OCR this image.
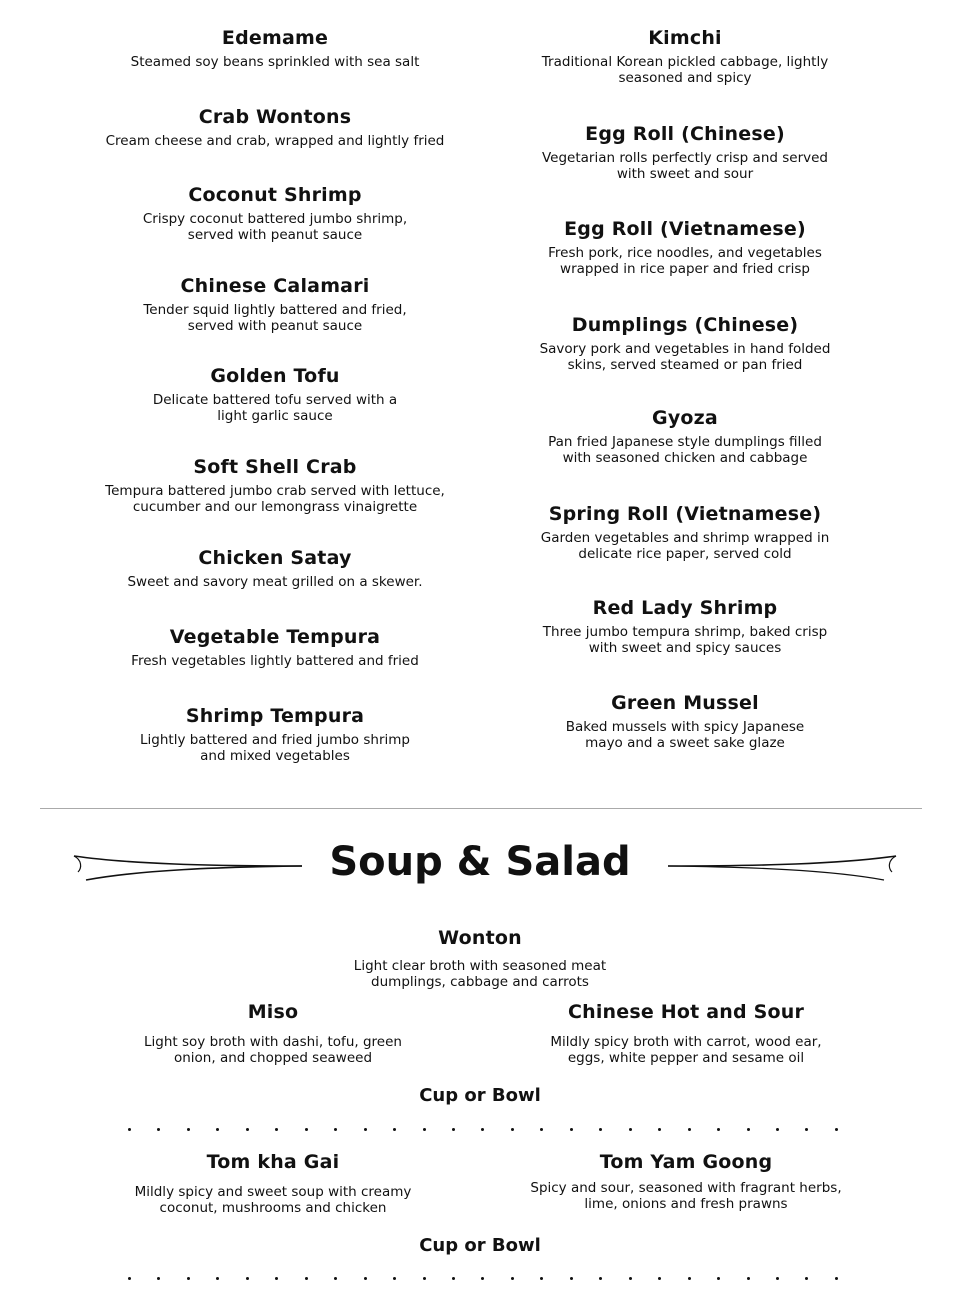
Edemame
Steamed soy beans sprinkled with sea salt
Crab Wontons
Cream cheese and crab, wrapped and lightly fried
Coconut Shrimp
Crispy coconut battered jumbo shrimp,
served with peanut sauce
Chinese Calamari
Tender squid lightly battered and fried,
served with peanut sauce
Golden Tofu
Delicate battered tofu served with a
light garlic sauce
Soft Shell Crab
Tempura battered jumbo crab served with lettuce,
cucumber and our lemongrass vinaigrette
Chicken Satay
Sweet and savory meat grilled on a skewer.
Vegetable Tempura
Fresh vegetables lightly battered and fried
Shrimp Tempura
Lightly battered and fried jumbo shrimp
and mixed vegetables
Kimchi
Traditional Korean pickled cabbage, lightly
seasoned and spicy
Egg Roll (Chinese)
Vegetarian rolls perfectly crisp and served
with sweet and sour
Egg Roll (Vietnamese)
Fresh pork, rice noodles, and vegetables
wrapped in rice paper and fried crisp
Dumplings (Chinese)
Savory pork and vegetables in hand folded
skins, served steamed or pan fried
Gyoza
Pan fried Japanese style dumplings filled
with seasoned chicken and cabbage
Spring Roll (Vietnamese)
Garden vegetables and shrimp wrapped in
delicate rice paper, served cold
Red Lady Shrimp
Three jumbo tempura shrimp, baked crisp
with sweet and spicy sauces
Green Mussel
Baked mussels with spicy Japanese
mayo and a sweet sake glaze
Soup & Salad
Wonton
Light clear broth with seasoned meat
dumplings, cabbage and carrots
Miso
Light soy broth with dashi, tofu, green
onion, and chopped seaweed
Chinese Hot and Sour
Mildly spicy broth with carrot, wood ear,
eggs, white pepper and sesame oil
Cup or Bowl
Tom kha Gai
Mildly spicy and sweet soup with creamy
coconut, mushrooms and chicken
Tom Yam Goong
Spicy and sour, seasoned with fragrant herbs,
lime, onions and fresh prawns
Cup or Bowl
